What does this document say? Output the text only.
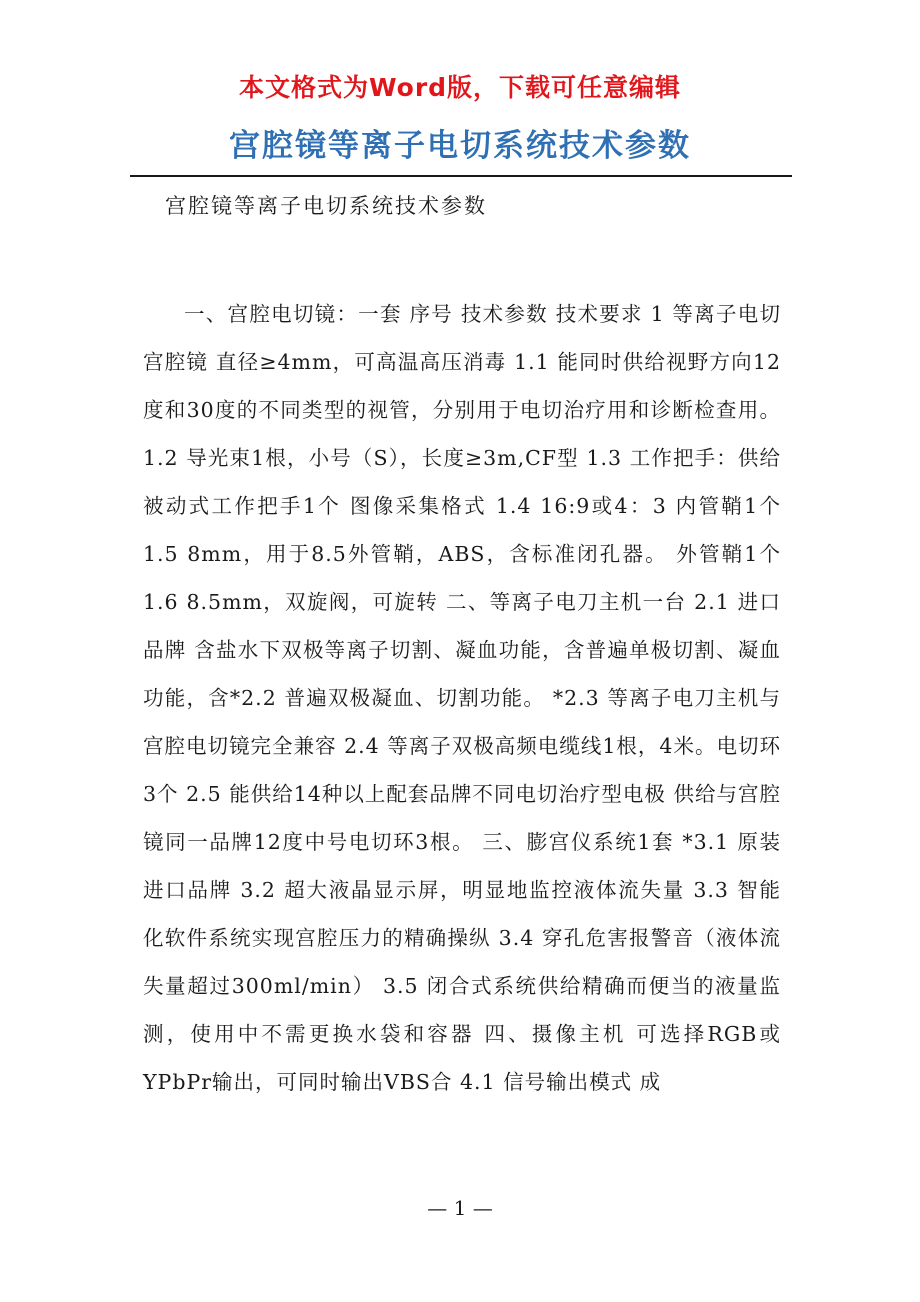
本文格式为Word版，下载可任意编辑
宫腔镜等离子电切系统技术参数
宫腔镜等离子电切系统技术参数

一、宫腔电切镜：一套 序号 技术参数 技术要求 1 等离子电切宫腔镜 直径≥4mm，可高温高压消毒 1.1 能同时供给视野方向12度和30度的不同类型的视管，分别用于电切治疗用和诊断检查用。 1.2 导光束1根，小号（S），长度≥3m,CF型 1.3 工作把手：供给被动式工作把手1个 图像采集格式 1.4 16:9或4：3 内管鞘1个 1.5 8mm，用于8.5外管鞘，ABS，含标准闭孔器。 外管鞘1个 1.6 8.5mm，双旋阀，可旋转 二、等离子电刀主机一台 2.1 进口品牌 含盐水下双极等离子切割、凝血功能，含普遍单极切割、凝血功能，含*2.2 普遍双极凝血、切割功能。 *2.3 等离子电刀主机与宫腔电切镜完全兼容 2.4 等离子双极高频电缆线1根，4米。电切环3个 2.5 能供给14种以上配套品牌不同电切治疗型电极 供给与宫腔镜同一品牌12度中号电切环3根。 三、膨宫仪系统1套 *3.1 原装进口品牌 3.2 超大液晶显示屏，明显地监控液体流失量 3.3 智能化软件系统实现宫腔压力的精确操纵 3.4 穿孔危害报警音（液体流失量超过300ml/min） 3.5 闭合式系统供给精确而便当的液量监测，使用中不需更换水袋和容器 四、摄像主机 可选择RGB或YPbPr输出，可同时输出VBS合 4.1 信号输出模式 成

— 1 —
